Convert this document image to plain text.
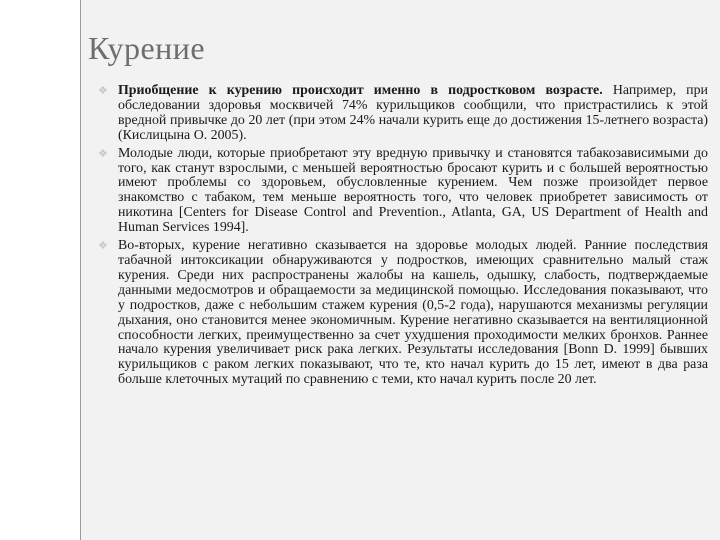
Курение
❖ Приобщение к курению происходит именно в подростковом возрасте. Например, при обследовании здоровья москвичей 74% курильщиков сообщили, что пристрастились к этой вредной привычке до 20 лет (при этом 24% начали курить еще до достижения 15-летнего возраста) (Кислицына О. 2005).
❖ Молодые люди, которые приобретают эту вредную привычку и становятся табакозависимыми до того, как станут взрослыми, с меньшей вероятностью бросают курить и с большей вероятностью имеют проблемы со здоровьем, обусловленные курением. Чем позже произойдет первое знакомство с табаком, тем меньше вероятность того, что человек приобретет зависимость от никотина [Centers for Disease Control and Prevention., Atlanta, GA, US Department of Health and Human Services 1994].
❖ Во-вторых, курение негативно сказывается на здоровье молодых людей. Ранние последствия табачной интоксикации обнаруживаются у подростков, имеющих сравнительно малый стаж курения. Среди них распространены жалобы на кашель, одышку, слабость, подтверждаемые данными медосмотров и обращаемости за медицинской помощью. Исследования показывают, что у подростков, даже с небольшим стажем курения (0,5-2 года), нарушаются механизмы регуляции дыхания, оно становится менее экономичным. Курение негативно сказывается на вентиляционной способности легких, преимущественно за счет ухудшения проходимости мелких бронхов. Раннее начало курения увеличивает риск рака легких. Результаты исследования [Bonn D. 1999] бывших курильщиков с раком легких показывают, что те, кто начал курить до 15 лет, имеют в два раза больше клеточных мутаций по сравнению с теми, кто начал курить после 20 лет.
